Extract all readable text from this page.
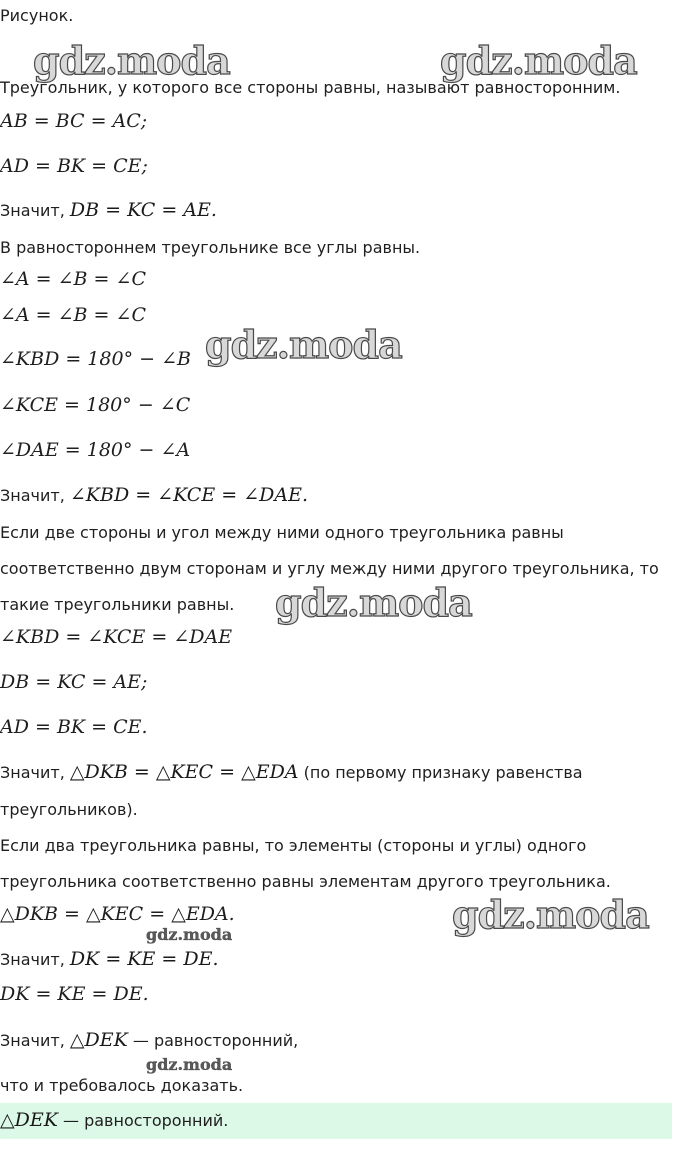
Рисунок.
gdz.moda	gdz.moda
Треугольник, у которого все стороны равны, называют равносторонним.
AB = BC = AC;
AD = BK = CE;
Значит, DB = KC = AE.
В равностороннем треугольнике все углы равны.
∠A = ∠B = ∠C
∠A = ∠B = ∠C
∠KBD = 180° − ∠B gdz.moda
∠KCE = 180° − ∠C
∠DAE = 180° − ∠A
Значит, ∠KBD = ∠KCE = ∠DAE.
Если две стороны и угол между ними одного треугольника равны
соответственно двум сторонам и углу между ними другого треугольника, то
такие треугольники равны. gdz.moda
∠KBD = ∠KCE = ∠DAE
DB = KC = AE;
AD = BK = CE.
Значит, △DKB = △KEC = △EDA (по первому признаку равенства
треугольников).
Если два треугольника равны, то элементы (стороны и углы) одного
треугольника соответственно равны элементам другого треугольника.
△DKB = △KEC = △EDA.	gdz.moda
gdz.moda
Значит, DK = KE = DE.
DK = KE = DE.
Значит, △DEK — равносторонний,
gdz.moda
что и требовалось доказать.
△DEK — равносторонний.
